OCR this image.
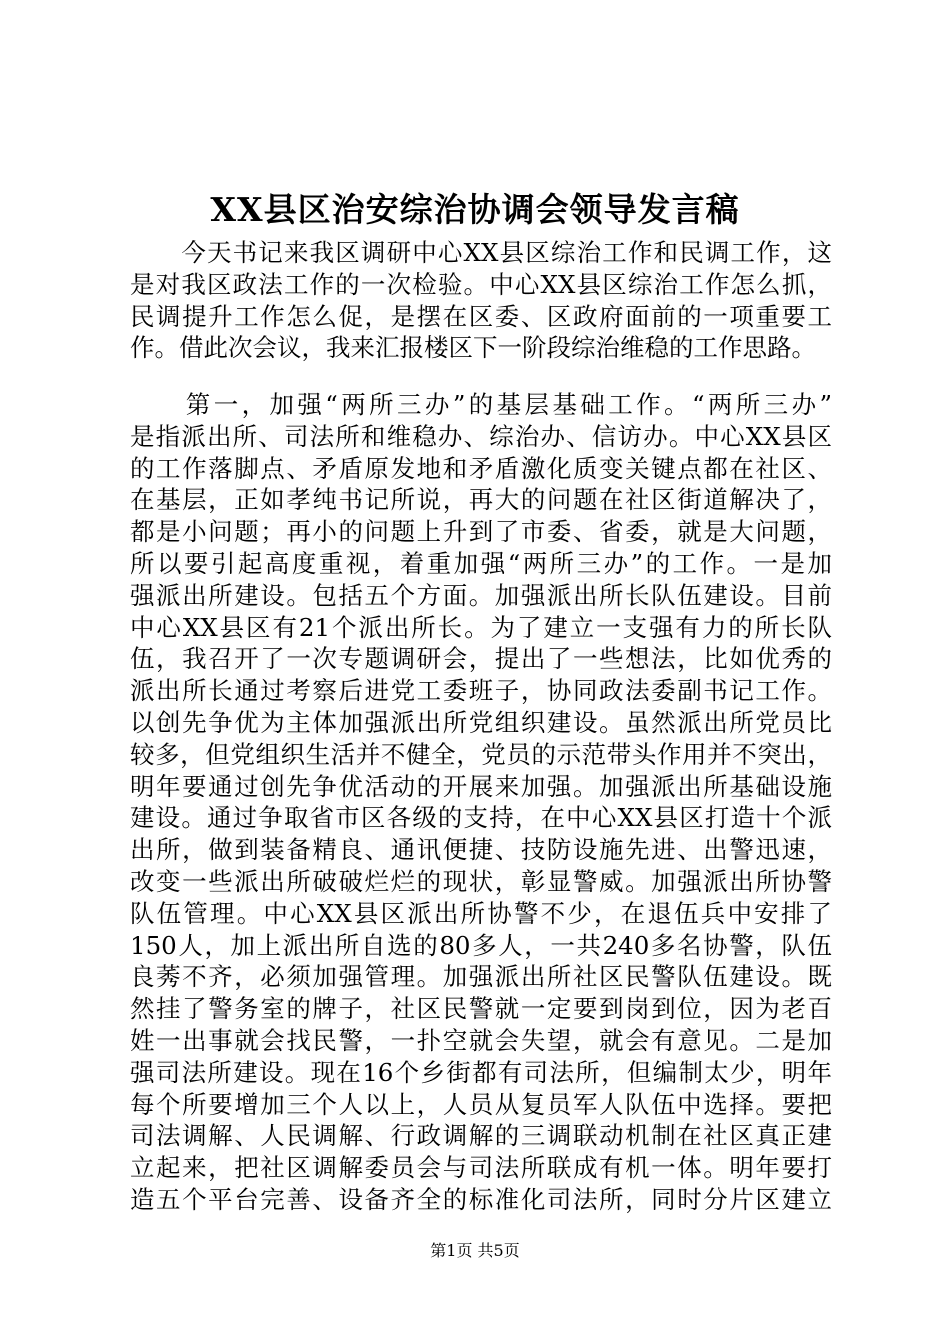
XX县区治安综治协调会领导发言稿
　　今天书记来我区调研中心XX县区综治工作和民调工作，这
是对我区政法工作的一次检验。中心XX县区综治工作怎么抓，
民调提升工作怎么促，是摆在区委、区政府面前的一项重要工
作。借此次会议，我来汇报楼区下一阶段综治维稳的工作思路。
　　第一，加强“两所三办”的基层基础工作。“两所三办”
是指派出所、司法所和维稳办、综治办、信访办。中心XX县区
的工作落脚点、矛盾原发地和矛盾激化质变关键点都在社区、
在基层，正如孝纯书记所说，再大的问题在社区街道解决了，
都是小问题；再小的问题上升到了市委、省委，就是大问题，
所以要引起高度重视，着重加强“两所三办”的工作。一是加
强派出所建设。包括五个方面。加强派出所长队伍建设。目前
中心XX县区有21个派出所长。为了建立一支强有力的所长队
伍，我召开了一次专题调研会，提出了一些想法，比如优秀的
派出所长通过考察后进党工委班子，协同政法委副书记工作。
以创先争优为主体加强派出所党组织建设。虽然派出所党员比
较多，但党组织生活并不健全，党员的示范带头作用并不突出，
明年要通过创先争优活动的开展来加强。加强派出所基础设施
建设。通过争取省市区各级的支持，在中心XX县区打造十个派
出所，做到装备精良、通讯便捷、技防设施先进、出警迅速，
改变一些派出所破破烂烂的现状，彰显警威。加强派出所协警
队伍管理。中心XX县区派出所协警不少，在退伍兵中安排了
150人，加上派出所自选的80多人，一共240多名协警，队伍
良莠不齐，必须加强管理。加强派出所社区民警队伍建设。既
然挂了警务室的牌子，社区民警就一定要到岗到位，因为老百
姓一出事就会找民警，一扑空就会失望，就会有意见。二是加
强司法所建设。现在16个乡街都有司法所，但编制太少，明年
每个所要增加三个人以上，人员从复员军人队伍中选择。要把
司法调解、人民调解、行政调解的三调联动机制在社区真正建
立起来，把社区调解委员会与司法所联成有机一体。明年要打
造五个平台完善、设备齐全的标准化司法所，同时分片区建立
第1页 共5页
